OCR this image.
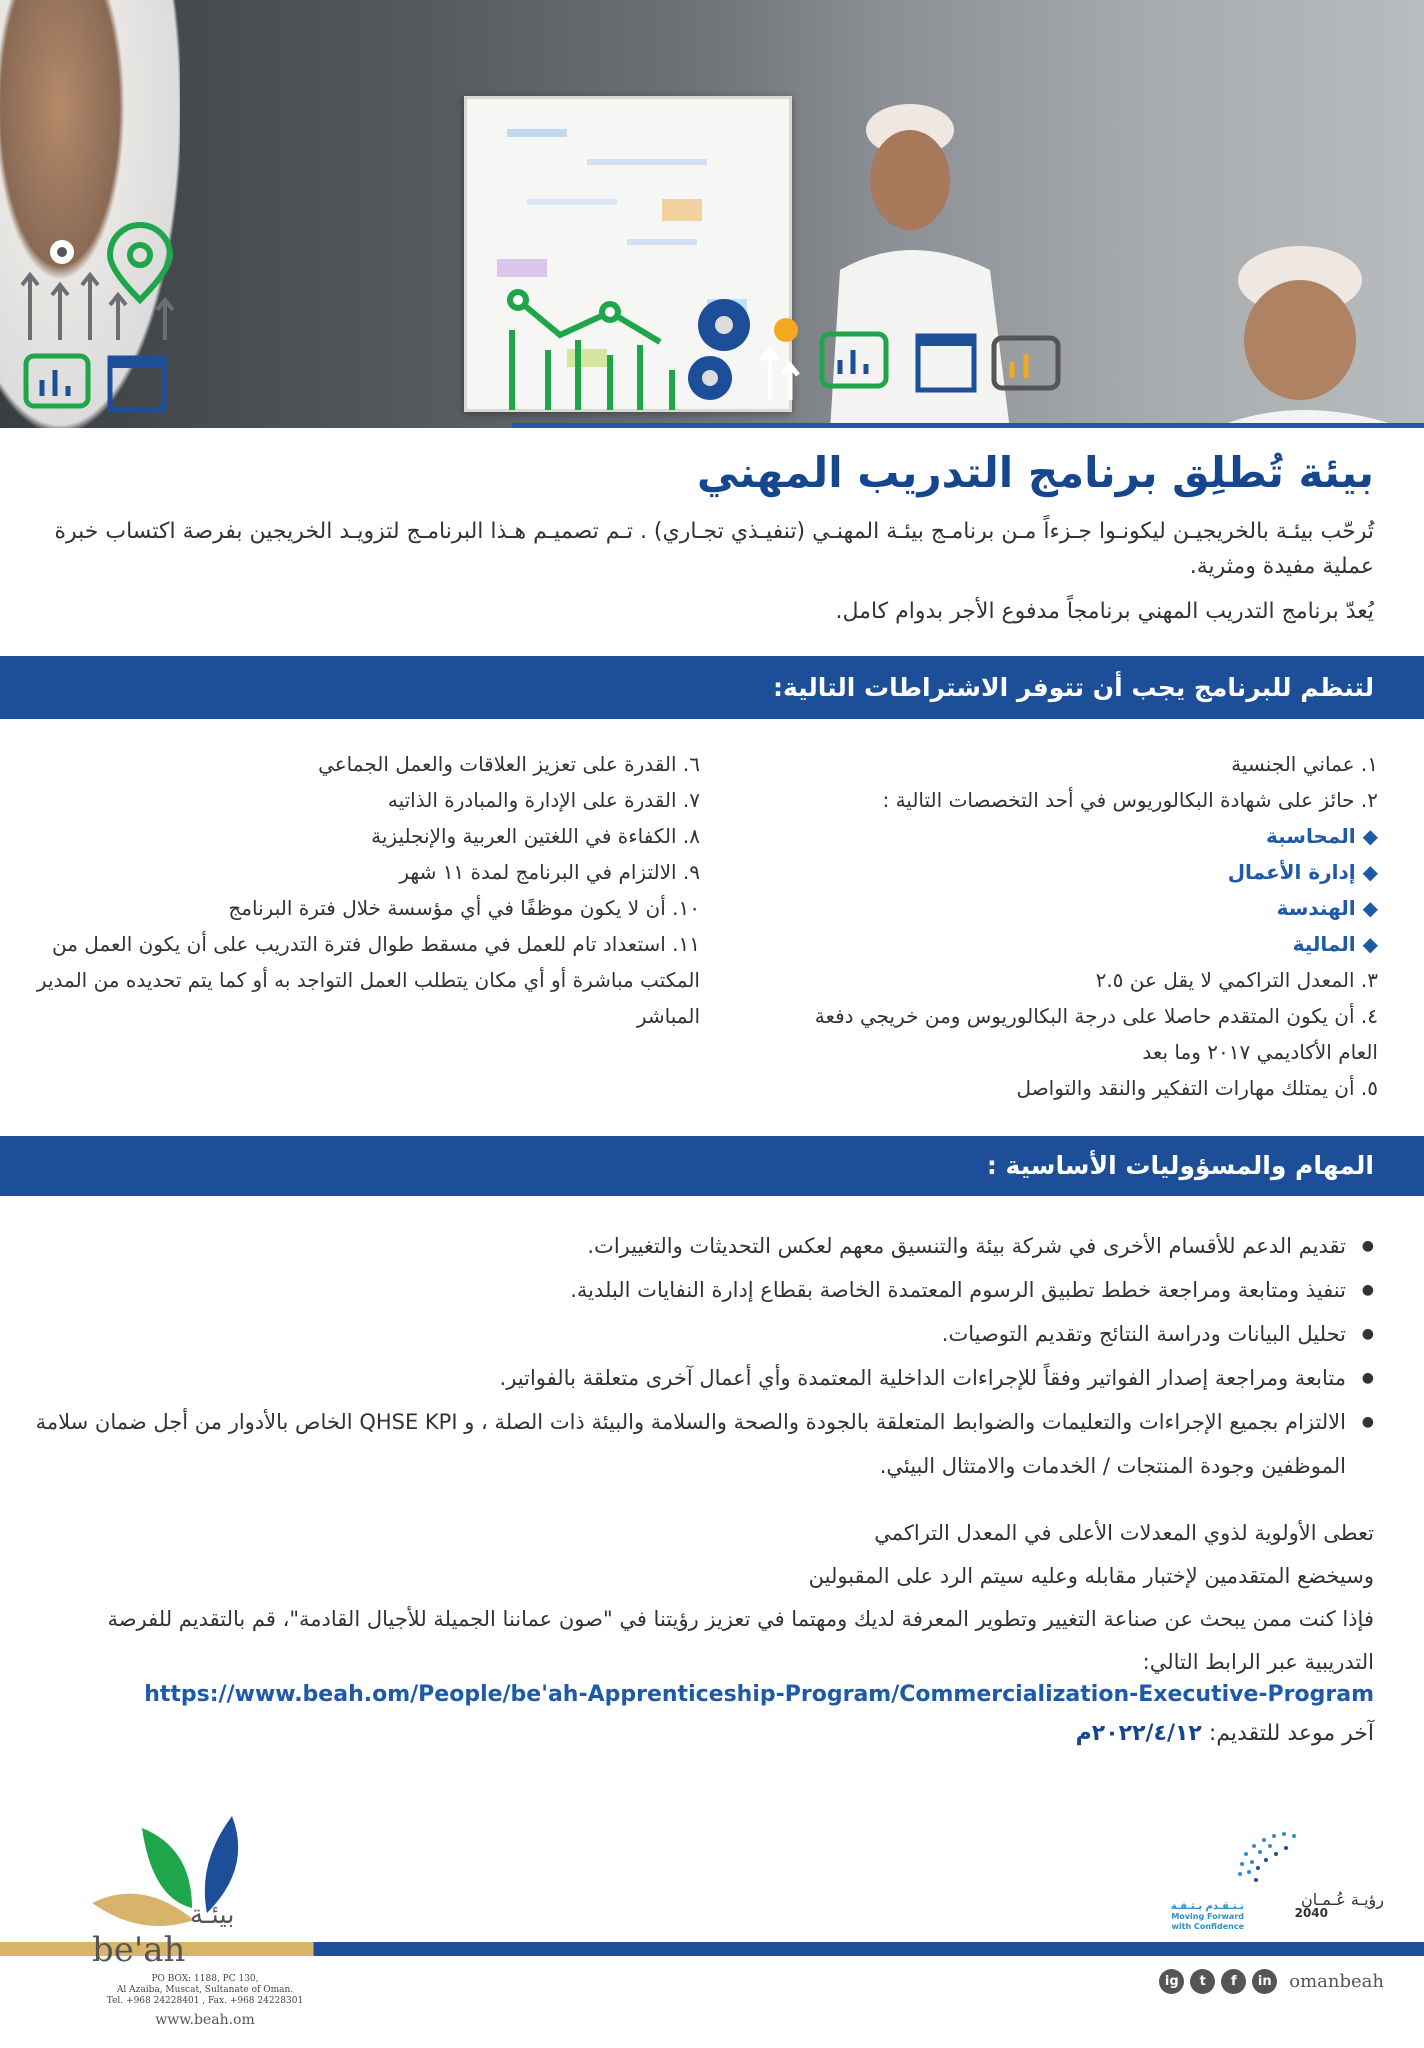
بيئة تُطلِق برنامج التدريب المهني

تُرحّب بيئـة بالخريجيـن ليكونـوا جـزءاً مـن برنامـج بيئـة المهنـي (تنفيـذي تجـاري) . تـم تصميـم هـذا البرنامـج لتزويـد الخريجين بفرصة اكتساب خبرة عملية مفيدة ومثرية.

يُعدّ برنامج التدريب المهني برنامجاً مدفوع الأجر بدوام كامل.

لتنظم للبرنامج يجب أن تتوفر الاشتراطات التالية:
١. عماني الجنسية
٢. حائز على شهادة البكالوريوس في أحد التخصصات التالية :
◆ المحاسبة
◆ إدارة الأعمال
◆ الهندسة
◆ المالية
٣. المعدل التراكمي لا يقل عن ٢.٥
٤. أن يكون المتقدم حاصلا على درجة البكالوريوس ومن خريجي دفعة العام الأكاديمي ٢٠١٧ وما بعد
٥. أن يمتلك مهارات التفكير والنقد والتواصل
٦. القدرة على تعزيز العلاقات والعمل الجماعي
٧. القدرة على الإدارة والمبادرة الذاتيه
٨. الكفاءة في اللغتين العربية والإنجليزية
٩. الالتزام في البرنامج لمدة ١١ شهر
١٠. أن لا يكون موظفًا في أي مؤسسة خلال فترة البرنامج
١١. استعداد تام للعمل في مسقط طوال فترة التدريب على أن يكون العمل من المكتب مباشرة أو أي مكان يتطلب العمل التواجد به أو كما يتم تحديده من المدير المباشر
المهام والمسؤوليات الأساسية :
● تقديم الدعم للأقسام الأخرى في شركة بيئة والتنسيق معهم لعكس التحديثات والتغييرات.
● تنفيذ ومتابعة ومراجعة خطط تطبيق الرسوم المعتمدة الخاصة بقطاع إدارة النفايات البلدية.
● تحليل البيانات ودراسة النتائج وتقديم التوصيات.
● متابعة ومراجعة إصدار الفواتير وفقاً للإجراءات الداخلية المعتمدة وأي أعمال آخرى متعلقة بالفواتير.
● الالتزام بجميع الإجراءات والتعليمات والضوابط المتعلقة بالجودة والصحة والسلامة والبيئة ذات الصلة ، و QHSE KPI الخاص بالأدوار من أجل ضمان سلامة الموظفين وجودة المنتجات / الخدمات والامتثال البيئي.

تعطى الأولوية لذوي المعدلات الأعلى في المعدل التراكمي

وسيخضع المتقدمين لإختبار مقابله وعليه سيتم الرد على المقبولين

فإذا كنت ممن يبحث عن صناعة التغيير وتطوير المعرفة لديك ومهتما في تعزيز رؤيتنا في "صون عماننا الجميلة للأجيال القادمة"، قم بالتقديم للفرصة التدريبية عبر الرابط التالي:

https://www.beah.om/People/be'ah-Apprenticeship-Program/Commercialization-Executive-Program
آخر موعد للتقديم: ٢٠٢٢/٤/١٢م
بيئـة
be'ah
PO BOX: 1188, PC 130,
Al Azaiba, Muscat, Sultanate of Oman.
Tel. +968 24228401 , Fax. +968 24228301
www.beah.om
رؤيـة عُـمـان
2040
نـتـقـدم بـثـقـة
Moving Forward
with Confidence
omanbeah
in
f
t
ig
